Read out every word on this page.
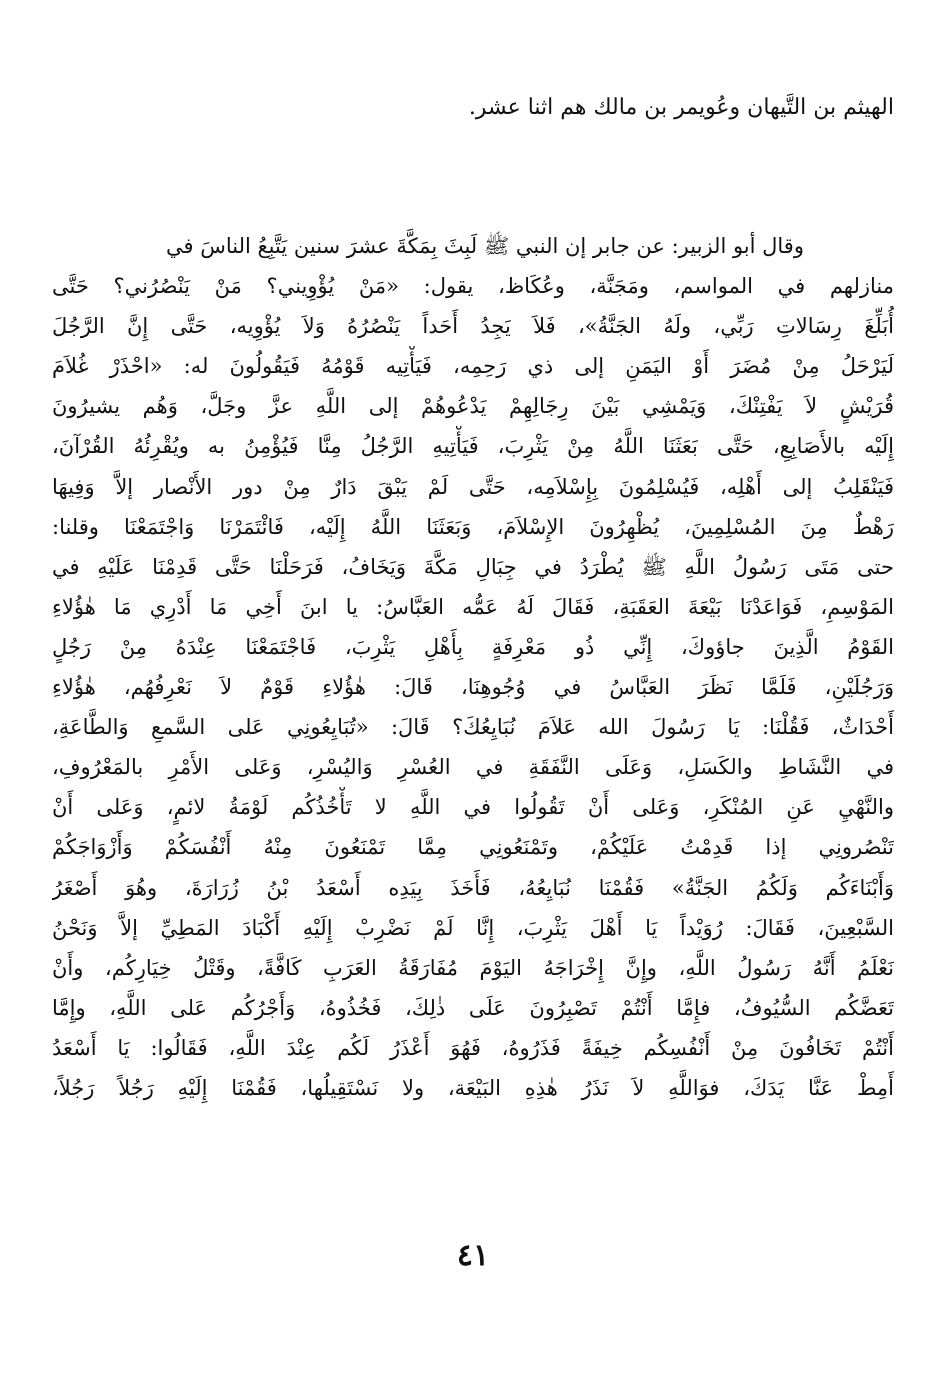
الهيثم بن التَّيهان وعُويمر بن مالك هم اثنا عشر.
وقال أبو الزبير: عن جابر إن النبي ﷺ لَبِثَ بِمَكَّةَ عشرَ سنين يَتَّبِعُ الناسَ في
منازلهم في المواسم، ومَجَنَّة، وعُكَاظ، يقول: «مَنْ يُؤْوِيني؟ مَنْ يَنْصُرُني؟ حَتَّى
أُبَلِّغَ رِسَالاتِ رَبِّي، ولَهُ الجَنَّةُ»، فَلاَ يَجِدُ أَحَداً يَنْصُرُهُ وَلاَ يُؤْوِيه، حَتَّى إِنَّ الرَّجُلَ
لَيَرْحَلُ مِنْ مُضَرَ أَوْ اليَمَنِ إلى ذي رَحِمِه، فَيَأْتِيه قَوْمُهُ فَيَقُولُونَ له: «احْذَرْ غُلاَمَ
قُرَيْشٍ لاَ يَفْتِنْكَ، وَيَمْشِي بَيْنَ رِجَالِهِمْ يَدْعُوهُمْ إلى اللَّهِ عزَّ وجَلَّ، وَهُم يشيرُونَ
إِلَيْه بالأَصَابِعِ، حَتَّى بَعَثَنَا اللَّهُ مِنْ يَثْرِبَ، فَيَأْتِيهِ الرَّجُلُ مِنَّا فَيُؤْمِنُ به ويُقْرِئُهُ القُرْآنَ،
فَيَنْقَلِبُ إلى أَهْلِه، فَيُسْلِمُونَ بِإِسْلاَمِه، حَتَّى لَمْ يَبْقَ دَارٌ مِنْ دور الأَنْصار إلاَّ وَفِيهَا
رَهْطٌ مِنَ المُسْلِمِينَ، يُظْهِرُونَ الإِسْلاَمَ، وَبَعَثَنَا اللَّهُ إِلَيْه، فَائْتَمَرْنَا وَاجْتَمَعْنَا وقلنا:
حتى مَتَى رَسُولُ اللَّهِ ﷺ يُطْرَدُ في جِبَالِ مَكَّةَ وَيَخَافُ، فَرَحَلْنَا حَتَّى قَدِمْنَا عَلَيْهِ في
المَوْسِمِ، فَوَاعَدْنَا بَيْعَةَ العَقَبَةِ، فَقَالَ لَهُ عَمُّه العَبَّاسُ: يا ابنَ أَخِي مَا أَدْرِي مَا هٰؤُلاءِ
القَوْمُ الَّذِينَ جاؤوكَ، إِنِّي ذُو مَعْرِفَةٍ بِأَهْلِ يَثْرِبَ، فَاجْتَمَعْنَا عِنْدَهُ مِنْ رَجُلٍ
وَرَجُلَيْنِ، فَلَمَّا نَظَرَ العَبَّاسُ في وُجُوهِنَا، قَالَ: هٰؤُلاءِ قَوْمٌ لاَ نَعْرِفُهُم، هٰؤُلاءِ
أَحْدَاثٌ، فَقُلْنَا: يَا رَسُولَ الله عَلاَمَ نُبَايِعُكَ؟ قَالَ: «تُبَايِعُونِي عَلى السَّمعِ وَالطَّاعَةِ،
في النَّشَاطِ والكَسَلِ، وَعَلَى النَّفَقَةِ في العُسْرِ وَاليُسْرِ، وَعَلى الأَمْرِ بالمَعْرُوفِ،
والنَّهْيِ عَنِ المُنْكَرِ، وَعَلى أَنْ تَقُولُوا في اللَّهِ لا تَأْخُذُكُم لَوْمَةُ لائمٍ، وَعَلى أَنْ
تَنْصُرونِي إذا قَدِمْتُ عَلَيْكُمْ، وتَمْنَعُونِي مِمَّا تَمْنَعُونَ مِنْهُ أَنْفُسَكُمْ وَأَزْوَاجَكُمْ
وَأَبْنَاءَكُم وَلَكُمُ الجَنَّةُ» فَقُمْنَا نُبَايِعُهُ، فَأَخَذَ بِيَدِه أَسْعَدُ بْنُ زُرَارَةَ، وهُوَ أَصْغَرُ
السَّبْعِينَ، فَقَالَ: رُوَيْداً يَا أَهْلَ يَثْرِبَ، إِنَّا لَمْ نَضْرِبْ إِلَيْهِ أَكْبَادَ المَطِيِّ إلاَّ وَنَحْنُ
نَعْلَمُ أَنَّهُ رَسُولُ اللَّهِ، وإِنَّ إِخْرَاجَهُ اليَوْمَ مُفَارَقَةُ العَرَبِ كَافَّةً، وقَتْلُ خِيَارِكُم، وأَنْ
تَعَضَّكُم السُّيُوفُ، فإِمَّا أَنْتُمْ تَصْبِرُونَ عَلَى ذٰلِكَ، فَخُذُوهُ، وَأَجْرُكُم عَلى اللَّهِ، وإِمَّا
أَنْتُمْ تَخَافُونَ مِنْ أَنْفُسِكُم خِيفَةً فَذَرُوهُ، فَهُوَ أَعْذَرُ لَكُم عِنْدَ اللَّهِ، فَقَالُوا: يَا أَسْعَدُ
أَمِطْ عَنَّا يَدَكَ، فوَاللَّهِ لاَ نَذَرُ هٰذِهِ البَيْعَة، ولا نَسْتَقِيلُها، فَقُمْنَا إِلَيْهِ رَجُلاً رَجُلاً،
٤١
